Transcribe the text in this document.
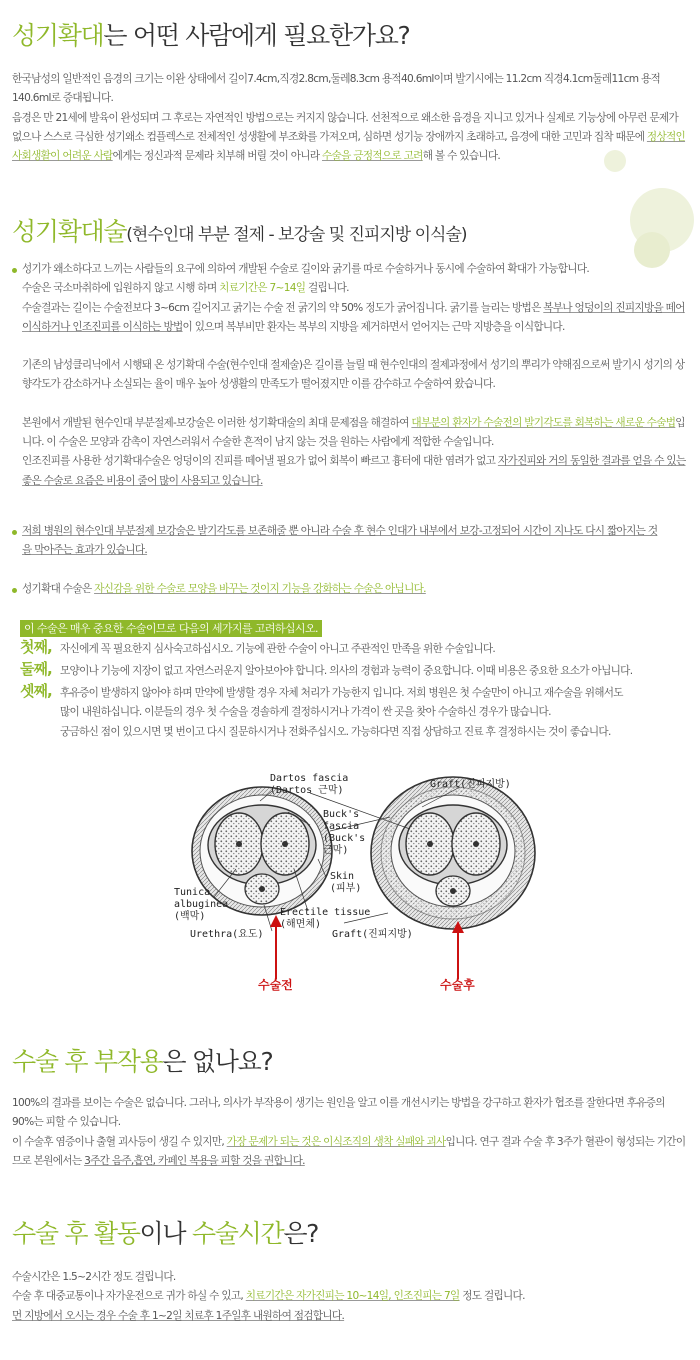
성기확대는 어떤 사람에게 필요한가요?

한국남성의 일반적인 음경의 크기는 이완 상태에서 길이7.4cm,직경2.8cm,둘레8.3cm 용적40.6ml이며 발기시에는 11.2cm 직경4.1cm둘레11cm 용적140.6ml로 증대됩니다.

음경은 만 21세에 발육이 완성되며 그 후로는 자연적인 방법으로는 커지지 않습니다. 선천적으로 왜소한 음경을 지니고 있거나 실제로 기능상에 아무런 문제가 없으나 스스로 극심한 성기왜소 컴플렉스로 전체적인 성생활에 부조화를 가져오며, 심하면 성기능 장애까지 초래하고, 음경에 대한 고민과 집착 때문에 정상적인 사회생활이 어려운 사람에게는 정신과적 문제라 치부해 버릴 것이 아니라 수술을 긍정적으로 고려해 볼 수 있습니다.

성기확대술(현수인대 부분 절제 - 보강술 및 진피지방 이식술)
성기가 왜소하다고 느끼는 사람들의 요구에 의하여 개발된 수술로 길이와 굵기를 따로 수술하거나 동시에 수술하여 확대가 가능합니다.
수술은 국소마취하에 입원하지 않고 시행 하며 치료기간은 7~14일 걸립니다.
수술결과는 길이는 수술전보다 3~6cm 길어지고 굵기는 수술 전 굵기의 약 50% 정도가 굵어집니다. 굵기를 늘리는 방법은 복부나 엉덩이의 진피지방을 떼어 이식하거나 인조진피를 이식하는 방법이 있으며 복부비만 환자는 복부의 지방을 제거하면서 얻어지는 근막 지방층을 이식합니다.
기존의 남성클리닉에서 시행돼 온 성기확대 수술(현수인대 절제술)은 길이를 늘릴 때 현수인대의 절제과정에서 성기의 뿌리가 약해짐으로써 발기시 성기의 상향각도가 감소하거나 소실되는 율이 매우 높아 성생활의 만족도가 떨어졌지만 이를 감수하고 수술하여 왔습니다.
본원에서 개발된 현수인대 부분절제-보강술은 이러한 성기확대술의 최대 문제점을 해결하여 대부분의 환자가 수술전의 발기각도를 회복하는 새로운 수술법입니다. 이 수술은 모양과 감촉이 자연스러워서 수술한 흔적이 남지 않는 것을 원하는 사람에게 적합한 수술입니다.
인조진피를 사용한 성기확대수술은 엉덩이의 진피를 떼어낼 필요가 없어 회복이 빠르고 흉터에 대한 염려가 없고 자가진피와 거의 동일한 결과를 얻을 수 있는 좋은 수술로 요즘은 비용이 줄어 많이 사용되고 있습니다.
저희 병원의 현수인대 부분절제 보강술은 발기각도를 보존해줄 뿐 아니라 수술 후 현수 인대가 내부에서 보강-고정되어 시간이 지나도 다시 짧아지는 것을 막아주는 효과가 있습니다.
성기확대 수술은 자신감을 위한 수술로 모양을 바꾸는 것이지 기능을 강화하는 수술은 아닙니다.
이 수술은 매우 중요한 수술이므로 다음의 세가지를 고려하십시오.
첫째, 자신에게 꼭 필요한지 심사숙고하십시오. 기능에 관한 수술이 아니고 주관적인 만족을 위한 수술입니다.
둘째, 모양이나 기능에 지장이 없고 자연스러운지 알아보아야 합니다. 의사의 경험과 능력이 중요합니다. 이때 비용은 중요한 요소가 아닙니다.
셋째, 후유증이 발생하지 않아야 하며 만약에 발생할 경우 자체 처리가 가능한지 입니다. 저희 병원은 첫 수술만이 아니고 재수술을 위해서도
많이 내원하십니다. 이분들의 경우 첫 수술을 경솔하게 결정하시거나 가격이 싼 곳을 찾아 수술하신 경우가 많습니다.
궁금하신 점이 있으시면 몇 번이고 다시 질문하시거나 전화주십시오. 가능하다면 직접 상담하고 진료 후 결정하시는 것이 좋습니다.
Dartos fascia
(Dartos 근막)
Buck's
fascia
(Buck's
근막)
Skin
(피부)
Tunica
albuginea
(백막)
Urethra(요도)
Erectile tissue
(해면체)
Graft(진피지방)
Graft(진피지방)
수술전	수술후
수술 후 부작용은 없나요?

100%의 결과를 보이는 수술은 없습니다. 그러나, 의사가 부작용이 생기는 원인을 알고 이를 개선시키는 방법을 강구하고 환자가 협조를 잘한다면 후유증의 90%는 피할 수 있습니다.

이 수술후 염증이나 출혈 괴사등이 생길 수 있지만, 가장 문제가 되는 것은 이식조직의 생착 실패와 괴사입니다. 연구 결과 수술 후 3주가 혈관이 형성되는 기간이므로 본원에서는 3주간 음주,흡연, 카페인 복용을 피할 것을 권합니다.

수술 후 활동이나 수술시간은?

수술시간은 1.5~2시간 정도 걸립니다.

수술 후 대중교통이나 자가운전으로 귀가 하실 수 있고, 치료기간은 자가진피는 10~14일, 인조진피는 7일 정도 걸립니다.

먼 지방에서 오시는 경우 수술 후 1~2일 치료후 1주일후 내원하여 점검합니다.
